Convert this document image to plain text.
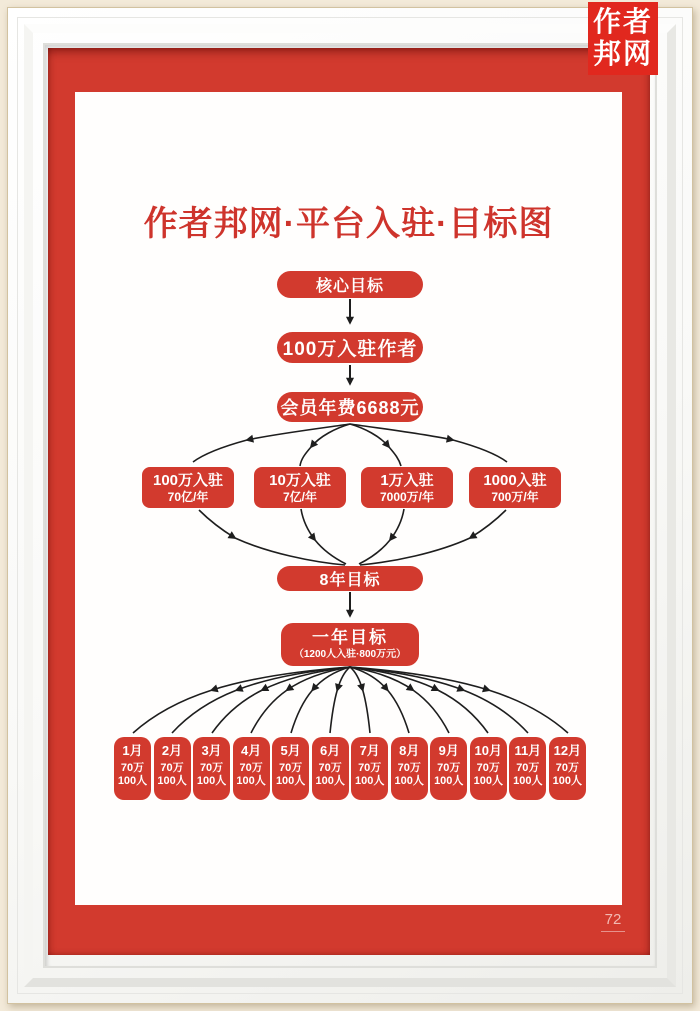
72
作者邦网·平台入驻·目标图
核心目标
100万入驻作者
会员年费6688元
100万入驻
70亿/年
10万入驻
7亿/年
1万入驻
7000万/年
1000入驻
700万/年
8年目标
一年目标
（1200人入驻·800万元）
1月
70万
100人
2月
70万
100人
3月
70万
100人
4月
70万
100人
5月
70万
100人
6月
70万
100人
7月
70万
100人
8月
70万
100人
9月
70万
100人
10月
70万
100人
11月
70万
100人
12月
70万
100人
作者
邦网
